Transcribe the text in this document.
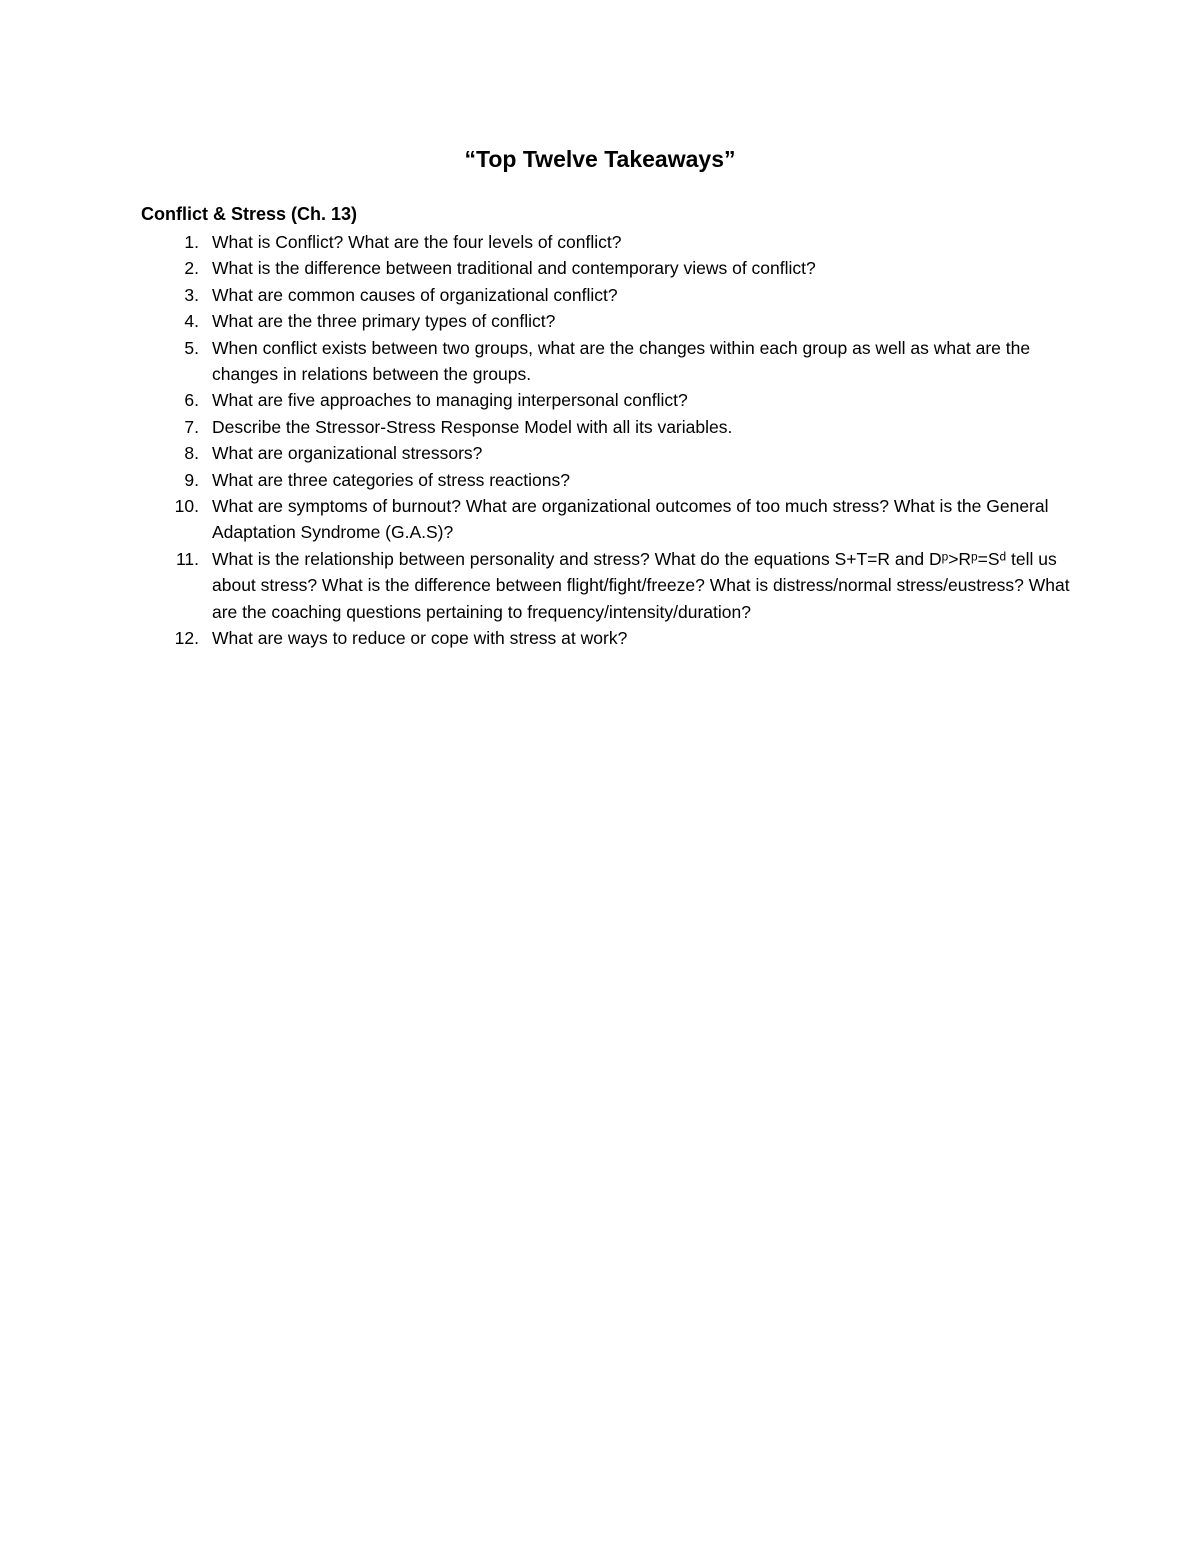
“Top Twelve Takeaways”
Conflict & Stress (Ch. 13)
1. What is Conflict? What are the four levels of conflict?
2. What is the difference between traditional and contemporary views of conflict?
3. What are common causes of organizational conflict?
4. What are the three primary types of conflict?
5. When conflict exists between two groups, what are the changes within each group as well as what are the changes in relations between the groups.
6. What are five approaches to managing interpersonal conflict?
7. Describe the Stressor-Stress Response Model with all its variables.
8. What are organizational stressors?
9. What are three categories of stress reactions?
10. What are symptoms of burnout? What are organizational outcomes of too much stress? What is the General Adaptation Syndrome (G.A.S)?
11. What is the relationship between personality and stress? What do the equations S+T=R and Dᵖ>Rᵖ=Sᵈ tell us about stress? What is the difference between flight/fight/freeze? What is distress/normal stress/eustress? What are the coaching questions pertaining to frequency/intensity/duration?
12. What are ways to reduce or cope with stress at work?
